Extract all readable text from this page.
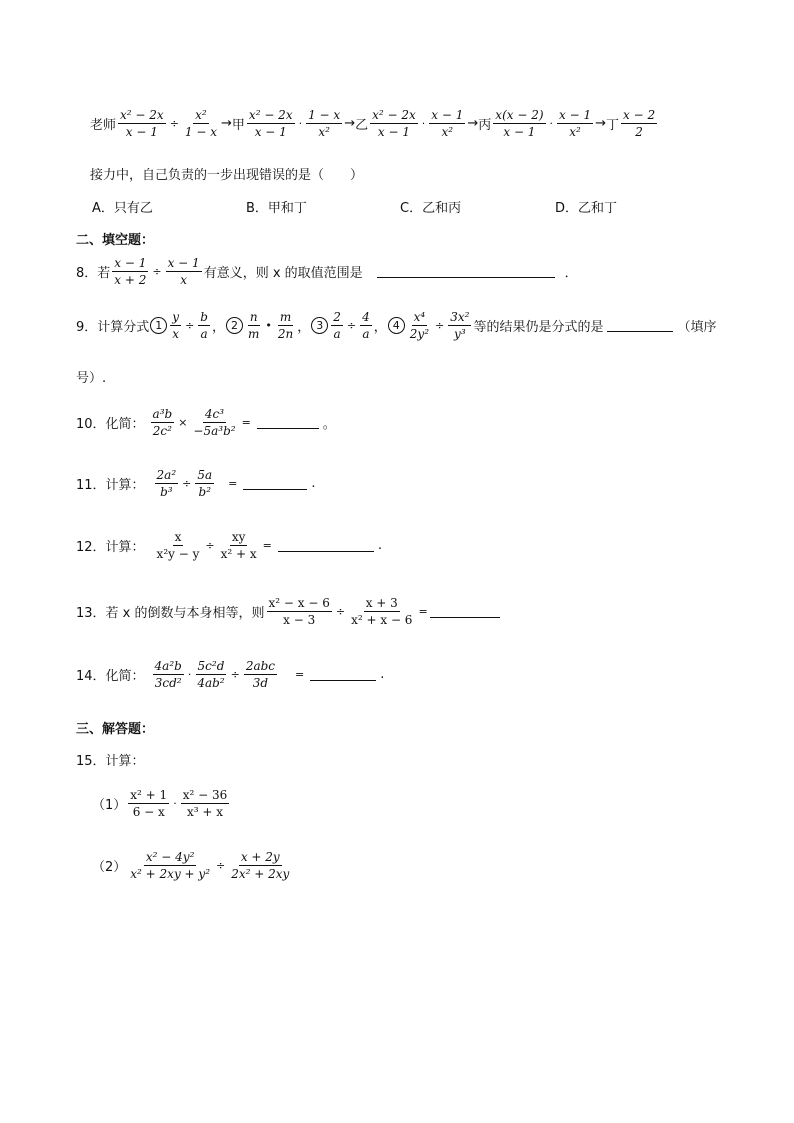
老师 $\frac{\text{x² − 2x}}{x - 1} \div \frac{\text{x²}}{1 - x}$ → 甲 $\frac{\text{x² − 2x}}{x - 1} \cdot \frac{1 - x}{\text{x²}}$ → 乙 $\frac{\text{x² − 2x}}{x - 1} \cdot \frac{x - 1}{\text{x²}}$ → 丙 $\frac{x(x - 2)}{x - 1} \cdot \frac{x - 1}{\text{x²}}$ → 丁 $\frac{x - 2}{2}$
接力中，自己负责的一步出现错误的是（　　）
A．只有乙	B．甲和丁	C．乙和丙	D．乙和丁
二、填空题：
8．若 $\frac{x - 1}{x + 2} \div \frac{x - 1}{x}$ 有意义，则 x 的取值范围是	．
9．计算分式 $1 \frac{y}{x} \div \frac{b}{a}$ ， $2 \frac{n}{m}$ • $\frac{m}{2n}$ ， $3 \frac{2}{a} \div \frac{4}{a}$ ， $4 \frac{\text{x⁴}}{\text{2y²}} \div \frac{\text{3x²}}{\text{y³}}$ 等的结果仍是分式的是	（填序
号）.
10．化简： $\frac{\text{a³b}}{\text{2c²}} \times \frac{\text{4c³}}{\text{−5a³b²}}$ =	。
11．计算： $\frac{\text{2a²}}{\text{b³}} \div \frac{5a}{\text{b²}}$ =	.
12．计算： $\frac{x}{\text{x²y − y}} \div \frac{xy}{\text{x² + x}}$ =	.
13．若 x 的倒数与本身相等，则 $\frac{\text{x² − x − 6}}{x - 3} \div \frac{x + 3}{\text{x² + x − 6}}$ =
14．化简： $\frac{\text{4a²b}}{\text{3cd²}} \cdot \frac{\text{5c²d}}{\text{4ab²}} \div \frac{\text{2abc}}{3d}$ =	.
三、解答题：
15．计算：
$(1) \frac{\text{x² + 1}}{6 - x} \cdot \frac{\text{x² − 36}}{\text{x³ + x}}$
$(2) \frac{\text{x² − 4y²}}{\text{x² + 2xy + y²}} \div \frac{x + 2y}{\text{2x² + 2xy}}$
